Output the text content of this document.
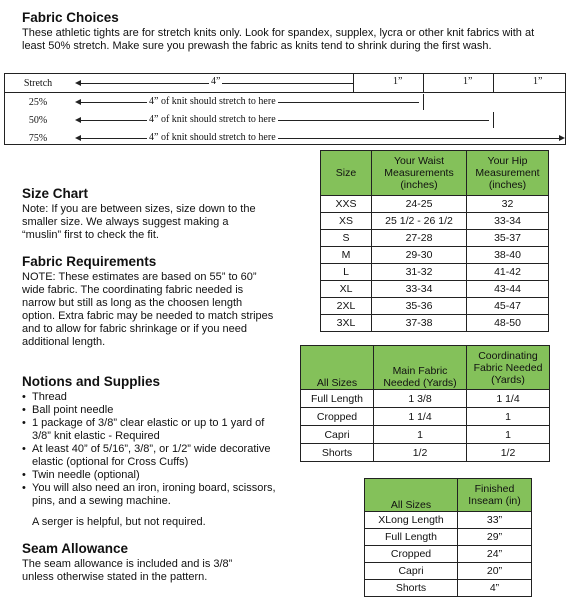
Fabric Choices
These athletic tights are for stretch knits only. Look for spandex, supplex, lycra or other knit fabrics with at least 50% stretch. Make sure you prewash the fabric as knits tend to shrink during the first wash.
Stretch
25%
50%
75%
4”	1”	1”	1”
4” of knit should stretch to here
4” of knit should stretch to here
4” of knit should stretch to here
Size Chart
Note: If you are between sizes, size down to the smaller size. We always suggest making a “muslin” first to check the fit.
Size	Your Waist Measurements (inches)	Your Hip Measurement (inches)
XXS	24-25	32
XS	25 1/2 - 26 1/2	33-34
S	27-28	35-37
M	29-30	38-40
L	31-32	41-42
XL	33-34	43-44
2XL	35-36	45-47
3XL	37-38	48-50
Fabric Requirements
NOTE: These estimates are based on 55” to 60” wide fabric. The coordinating fabric needed is narrow but still as long as the choosen length option. Extra fabric may be needed to match stripes and to allow for fabric shrinkage or if you need additional length.
All Sizes	Main Fabric Needed (Yards)	Coordinating Fabric Needed (Yards)
Full Length	1 3/8	1 1/4
Cropped	1 1/4	1
Capri	1	1
Shorts	1/2	1/2
Notions and Supplies
• Thread
• Ball point needle
• 1 package of 3/8” clear elastic or up to 1 yard of 3/8” knit elastic - Required
• At least 40” of 5/16”, 3/8”, or 1/2” wide decorative elastic (optional for Cross Cuffs)
• Twin needle (optional)
• You will also need an iron, ironing board, scissors, pins, and a sewing machine.
A serger is helpful, but not required.
All Sizes	Finished Inseam (in)
XLong Length	33”
Full Length	29”
Cropped	24”
Capri	20”
Shorts	4”
Seam Allowance
The seam allowance is included and is 3/8” unless otherwise stated in the pattern.
